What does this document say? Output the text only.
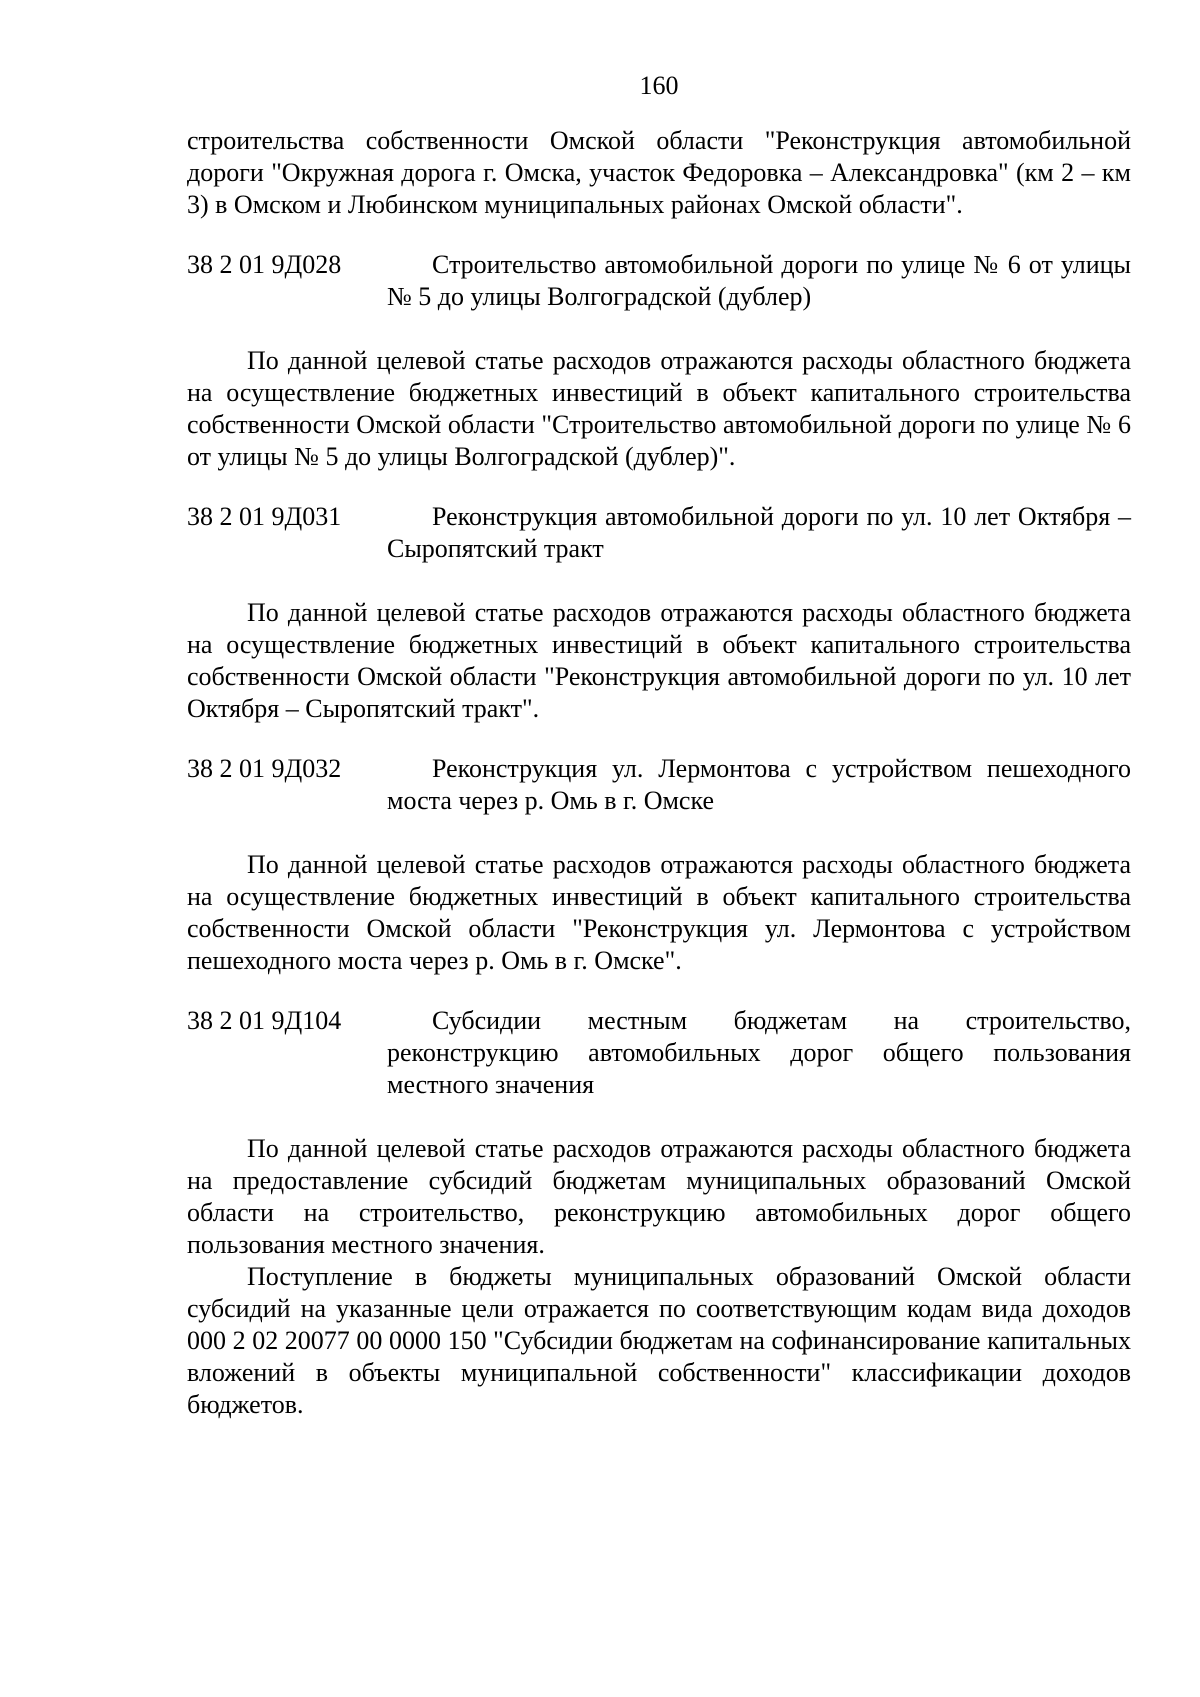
160

строительства собственности Омской области "Реконструкция автомобильной дороги "Окружная дорога г. Омска, участок Федоровка – Александровка" (км 2 – км 3) в Омском и Любинском муниципальных районах Омской области".

38 2 01 9Д028	Строительство автомобильной дороги по улице № 6 от улицы № 5 до улицы Волгоградской (дублер)

По данной целевой статье расходов отражаются расходы областного бюджета на осуществление бюджетных инвестиций в объект капитального строительства собственности Омской области "Строительство автомобильной дороги по улице № 6 от улицы № 5 до улицы Волгоградской (дублер)".

38 2 01 9Д031	Реконструкция автомобильной дороги по ул. 10 лет Октября – Сыропятский тракт

По данной целевой статье расходов отражаются расходы областного бюджета на осуществление бюджетных инвестиций в объект капитального строительства собственности Омской области "Реконструкция автомобильной дороги по ул. 10 лет Октября – Сыропятский тракт".

38 2 01 9Д032	Реконструкция ул. Лермонтова с устройством пешеходного моста через р. Омь в г. Омске

По данной целевой статье расходов отражаются расходы областного бюджета на осуществление бюджетных инвестиций в объект капитального строительства собственности Омской области "Реконструкция ул. Лермонтова с устройством пешеходного моста через р. Омь в г. Омске".

38 2 01 9Д104	Субсидии местным бюджетам на строительство, реконструкцию автомобильных дорог общего пользования местного значения

По данной целевой статье расходов отражаются расходы областного бюджета на предоставление субсидий бюджетам муниципальных образований Омской области на строительство, реконструкцию автомобильных дорог общего пользования местного значения.

Поступление в бюджеты муниципальных образований Омской области субсидий на указанные цели отражается по соответствующим кодам вида доходов 000 2 02 20077 00 0000 150 "Субсидии бюджетам на софинансирование капитальных вложений в объекты муниципальной собственности" классификации доходов бюджетов.
